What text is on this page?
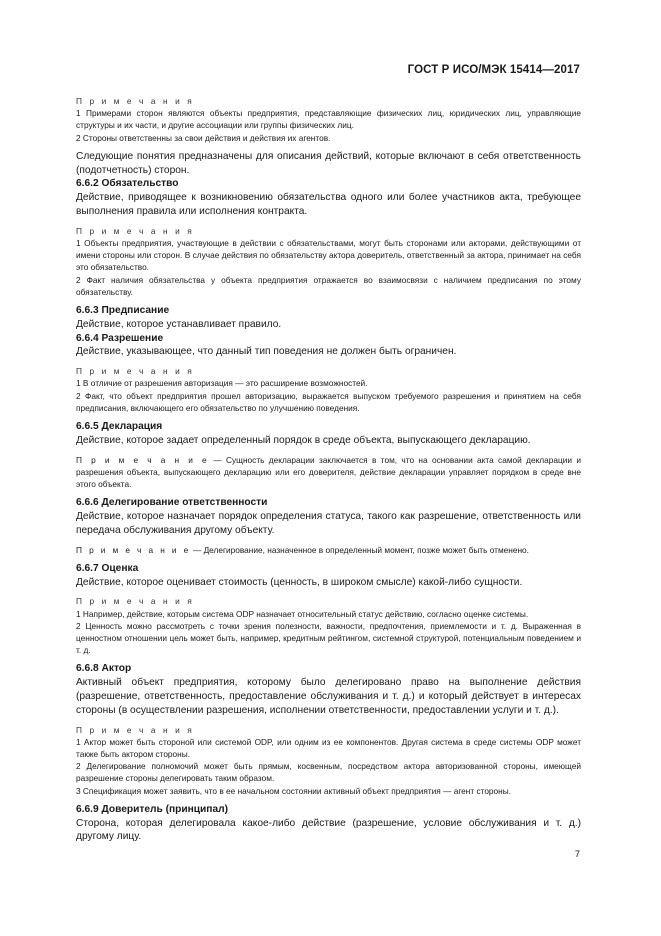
ГОСТ Р ИСО/МЭК 15414—2017
П р и м е ч а н и я
1 Примерами сторон являются объекты предприятия, представляющие физических лиц, юридических лиц, управляющие структуры и их части, и другие ассоциации или группы физических лиц.
2 Стороны ответственны за свои действия и действия их агентов.
Следующие понятия предназначены для описания действий, которые включают в себя ответственность (подотчетность) сторон.
6.6.2 Обязательство
Действие, приводящее к возникновению обязательства одного или более участников акта, требующее выполнения правила или исполнения контракта.
П р и м е ч а н и я
1 Объекты предприятия, участвующие в действии с обязательствами, могут быть сторонами или акторами, действующими от имени стороны или сторон. В случае действия по обязательству актора доверитель, ответственный за актора, принимает на себя это обязательство.
2 Факт наличия обязательства у объекта предприятия отражается во взаимосвязи с наличием предписания по этому обязательству.
6.6.3 Предписание
Действие, которое устанавливает правило.
6.6.4 Разрешение
Действие, указывающее, что данный тип поведения не должен быть ограничен.
П р и м е ч а н и я
1 В отличие от разрешения авторизация — это расширение возможностей.
2 Факт, что объект предприятия прошел авторизацию, выражается выпуском требуемого разрешения и принятием на себя предписания, включающего его обязательство по улучшению поведения.
6.6.5 Декларация
Действие, которое задает определенный порядок в среде объекта, выпускающего декларацию.
П р и м е ч а н и е — Сущность декларации заключается в том, что на основании акта самой декларации и разрешения объекта, выпускающего декларацию или его доверителя, действие декларации управляет порядком в среде вне этого объекта.
6.6.6 Делегирование ответственности
Действие, которое назначает порядок определения статуса, такого как разрешение, ответственность или передача обслуживания другому объекту.
П р и м е ч а н и е — Делегирование, назначенное в определенный момент, позже может быть отменено.
6.6.7 Оценка
Действие, которое оценивает стоимость (ценность, в широком смысле) какой-либо сущности.
П р и м е ч а н и я
1 Например, действие, которым система ODP назначает относительный статус действию, согласно оценке системы.
2 Ценность можно рассмотреть с точки зрения полезности, важности, предпочтения, приемлемости и т. д. Выраженная в ценностном отношении цель может быть, например, кредитным рейтингом, системной структурой, потенциальным поведением и т. д.
6.6.8 Актор
Активный объект предприятия, которому было делегировано право на выполнение действия (разрешение, ответственность, предоставление обслуживания и т. д.) и который действует в интересах стороны (в осуществлении разрешения, исполнении ответственности, предоставлении услуги и т. д.).
П р и м е ч а н и я
1 Актор может быть стороной или системой ODP, или одним из ее компонентов. Другая система в среде системы ODP может также быть актором стороны.
2 Делегирование полномочий может быть прямым, косвенным, посредством актора авторизованной стороны, имеющей разрешение стороны делегировать таким образом.
3 Спецификация может заявить, что в ее начальном состоянии активный объект предприятия — агент стороны.
6.6.9 Доверитель (принципал)
Сторона, которая делегировала какое-либо действие (разрешение, условие обслуживания и т. д.) другому лицу.
7
